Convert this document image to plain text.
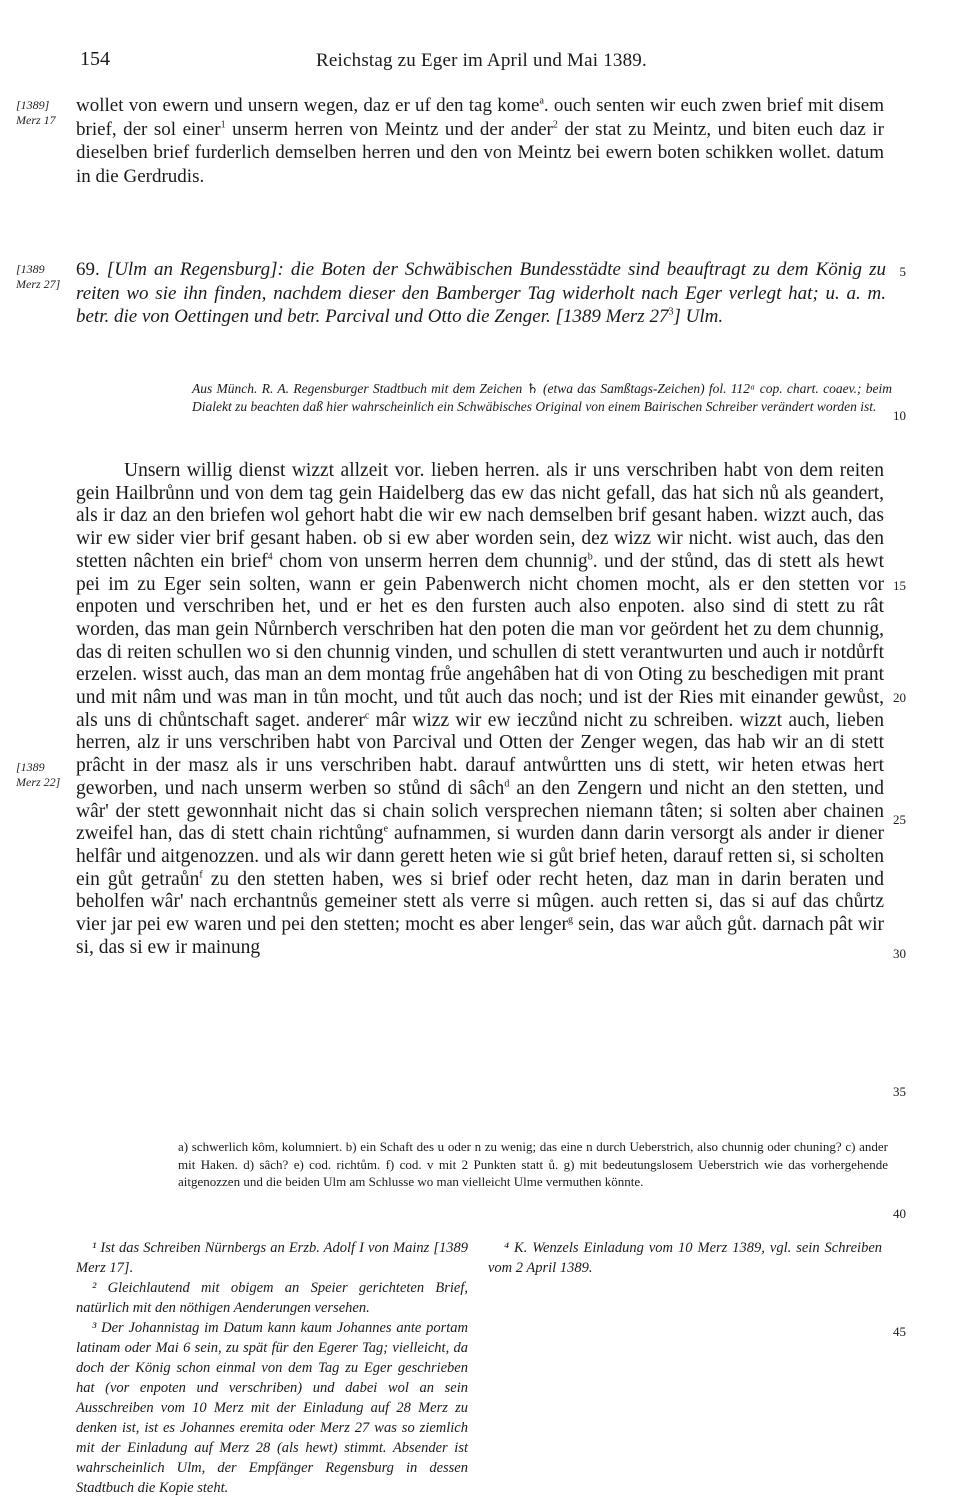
154	Reichstag zu Eger im April und Mai 1389.
[1389]
Merz 17
wollet von ewern und unsern wegen, daz er uf den tag kome$^a$. ouch senten wir euch zwen brief mit disem brief, der sol einer$^1$ unserm herren von Meintz und der ander$^2$ der stat zu Meintz, und biten euch daz ir dieselben brief furderlich demselben herren und den von Meintz bei ewern boten schikken wollet. datum in die Gerdrudis.
[1389
Merz 27]
69. [Ulm an Regensburg]: die Boten der Schwäbischen Bundesstädte sind beauftragt zu dem König zu reiten wo sie ihn finden, nachdem dieser den Bamberger Tag widerholt nach Eger verlegt hat; u. a. m. betr. die von Oettingen und betr. Parcival und Otto die Zenger. [1389 Merz $27^3$] Ulm.
5
Aus Münch. R. A. Regensburger Stadtbuch mit dem Zeichen ♄ (etwa das Samßtags-Zeichen) fol. 112ᵃ cop. chart. coaev.; beim Dialekt zu beachten daß hier wahrscheinlich ein Schwäbisches Original von einem Bairischen Schreiber verändert worden ist.
10
[1389
Merz 22]

Unsern willig dienst wizzt allzeit vor. lieben herren. als ir uns verschriben habt von dem reiten gein Hailbrůnn und von dem tag gein Haidelberg das ew das nicht gefall, das hat sich nů als geandert, als ir daz an den briefen wol gehort habt die wir ew nach demselben brif gesant haben. wizzt auch, das wir ew sider vier brif gesant haben. ob si ew aber worden sein, dez wizz wir nicht. wist auch, das den stetten nâchten ein brief$^4$ chom von unserm herren dem chunnig$^b$. und der stůnd, das di stett als hewt pei im zu Eger sein solten, wann er gein Pabenwerch nicht chomen mocht, als er den stetten vor enpoten und verschriben het, und er het es den fursten auch also enpoten. also sind di stett zu rât worden, das man gein Nůrnberch verschriben hat den poten die man vor geördent het zu dem chunnig, das di reiten schullen wo si den chunnig vinden, und schullen di stett verantwurten und auch ir notdůrft erzelen. wisst auch, das man an dem montag frůe angehâben hat di von Oting zu beschedigen mit prant und mit nâm und was man in tůn mocht, und tůt auch das noch; und ist der Ries mit einander gewůst, als uns di chůntschaft saget. anderer$^c$ mâr wizz wir ew ieczůnd nicht zu schreiben. wizzt auch, lieben herren, alz ir uns verschriben habt von Parcival und Otten der Zenger wegen, das hab wir an di stett prâcht in der masz als ir uns verschriben habt. darauf antwůrtten uns di stett, wir heten etwas hert geworben, und nach unserm werben so stůnd di sâch$^d$ an den Zengern und nicht an den stetten, und wâr' der stett gewonnhait nicht das si chain solich versprechen niemann tâten; si solten aber chainen zweifel han, das di stett chain richtůng$^e$ aufnammen, si wurden dann darin versorgt als ander ir diener helfâr und aitgenozzen. und als wir dann gerett heten wie si gůt brief heten, darauf retten si, si scholten ein gůt getraůn$^f$ zu den stetten haben, wes si brief oder recht heten, daz man in darin beraten und beholfen wâr' nach erchantnůs gemeiner stett als verre si mûgen. auch retten si, das si auf das chůrtz vier jar pei ew waren und pei den stetten; mocht es aber lenger$^g$ sein, das war aůch gůt. darnach pât wir si, das si ew ir mainung

15
20
25
30
35
a) schwerlich kôm, kolumniert. b) ein Schaft des u oder n zu wenig; das eine n durch Ueberstrich, also chunnig oder chuning? c) ander mit Haken. d) sâch? e) cod. richtům. f) cod. v mit 2 Punkten statt ů. g) mit bedeutungslosem Ueberstrich wie das vorhergehende aitgenozzen und die beiden Ulm am Schlusse wo man vielleicht Ulme vermuthen könnte.
40

¹ Ist das Schreiben Nürnbergs an Erzb. Adolf I von Mainz [1389 Merz 17].

² Gleichlautend mit obigem an Speier gerichteten Brief, natürlich mit den nöthigen Aenderungen versehen.

³ Der Johannistag im Datum kann kaum Johannes ante portam latinam oder Mai 6 sein, zu spät für den Egerer Tag; vielleicht, da doch der König schon einmal von dem Tag zu Eger geschrieben hat (vor enpoten und verschriben) und dabei wol an sein Ausschreiben vom 10 Merz mit der Einladung auf 28 Merz zu denken ist, ist es Johannes eremita oder Merz 27 was so ziemlich mit der Einladung auf Merz 28 (als hewt) stimmt. Absender ist wahrscheinlich Ulm, der Empfänger Regensburg in dessen Stadtbuch die Kopie steht.

⁴ K. Wenzels Einladung vom 10 Merz 1389, vgl. sein Schreiben vom 2 April 1389.

45
